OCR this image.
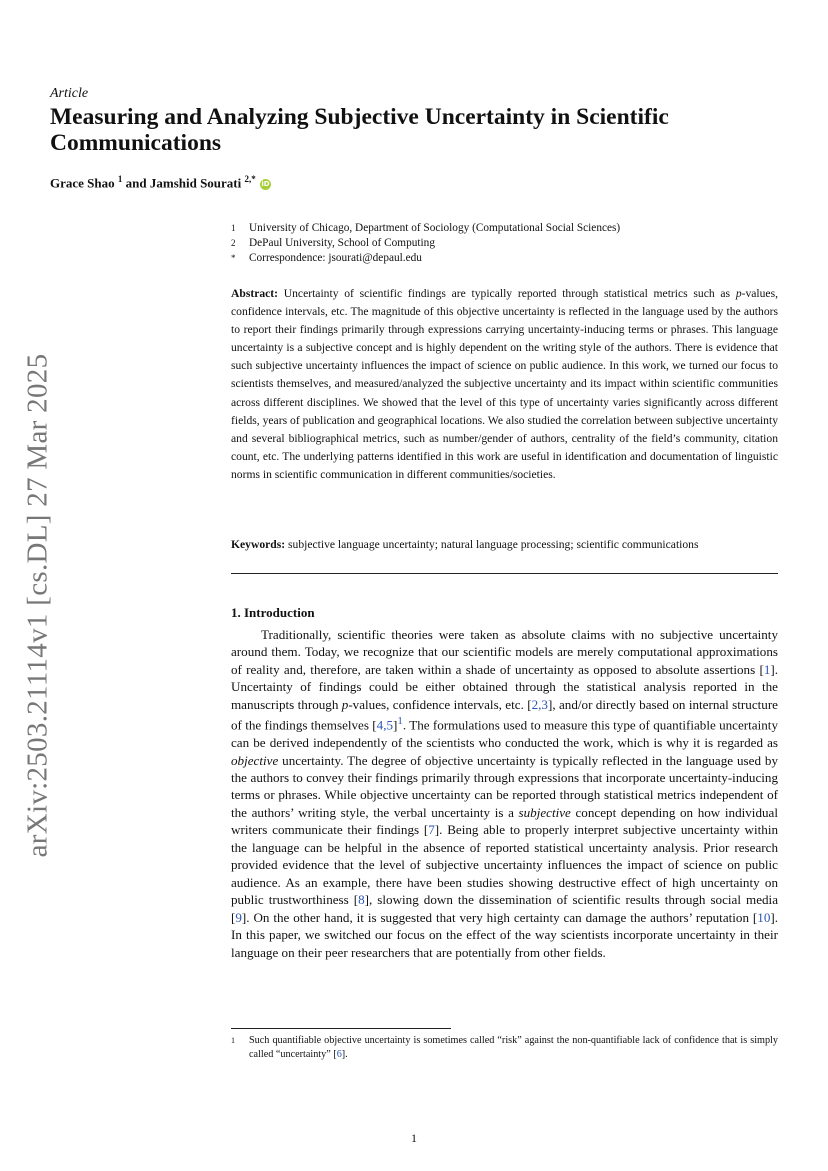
arXiv:2503.21114v1 [cs.DL] 27 Mar 2025
Article
Measuring and Analyzing Subjective Uncertainty in Scientific Communications
Grace Shao $^1$ and Jamshid Sourati $^{2,*}$ iD
1	University of Chicago, Department of Sociology (Computational Social Sciences)
2	DePaul University, School of Computing
*	Correspondence: jsourati@depaul.edu

Abstract: Uncertainty of scientific findings are typically reported through statistical metrics such as p-values, confidence intervals, etc. The magnitude of this objective uncertainty is reflected in the language used by the authors to report their findings primarily through expressions carrying uncertainty-inducing terms or phrases. This language uncertainty is a subjective concept and is highly dependent on the writing style of the authors. There is evidence that such subjective uncertainty influences the impact of science on public audience. In this work, we turned our focus to scientists themselves, and measured/analyzed the subjective uncertainty and its impact within scientific communities across different disciplines. We showed that the level of this type of uncertainty varies significantly across different fields, years of publication and geographical locations. We also studied the correlation between subjective uncertainty and several bibliographical metrics, such as number/gender of authors, centrality of the field’s community, citation count, etc. The underlying patterns identified in this work are useful in identification and documentation of linguistic norms in scientific communication in different communities/societies.

Keywords: subjective language uncertainty; natural language processing; scientific communications

1. Introduction

Traditionally, scientific theories were taken as absolute claims with no subjective uncertainty around them. Today, we recognize that our scientific models are merely computational approximations of reality and, therefore, are taken within a shade of uncertainty as opposed to absolute assertions [1]. Uncertainty of findings could be either obtained through the statistical analysis reported in the manuscripts through p-values, confidence intervals, etc. [2,3], and/or directly based on internal structure of the findings themselves [4,5]$^1$. The formulations used to measure this type of quantifiable uncertainty can be derived independently of the scientists who conducted the work, which is why it is regarded as objective uncertainty. The degree of objective uncertainty is typically reflected in the language used by the authors to convey their findings primarily through expressions that incorporate uncertainty-inducing terms or phrases. While objective uncertainty can be reported through statistical metrics independent of the authors’ writing style, the verbal uncertainty is a subjective concept depending on how individual writers communicate their findings [7]. Being able to properly interpret subjective uncertainty within the language can be helpful in the absence of reported statistical uncertainty analysis. Prior research provided evidence that the level of subjective uncertainty influences the impact of science on public audience. As an example, there have been studies showing destructive effect of high uncertainty on public trustworthiness [8], slowing down the dissemination of scientific results through social media [9]. On the other hand, it is suggested that very high certainty can damage the authors’ reputation [10]. In this paper, we switched our focus on the effect of the way scientists incorporate uncertainty in their language on their peer researchers that are potentially from other fields.

1	Such quantifiable objective uncertainty is sometimes called “risk” against the non-quantifiable lack of confidence that is simply called “uncertainty” [6].
1
